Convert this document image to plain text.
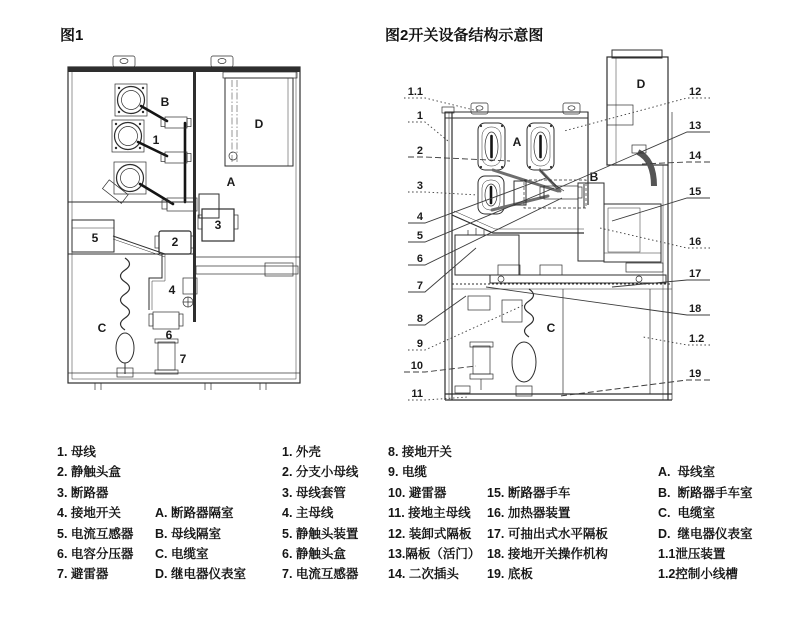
图1	图2开关设备结构示意图
B
1
D
A
5	2
3
4
C	6
7
A
B
C
D
1.1
1
2
3
4
5
6
7
8
9
10
11
12
13
14
15
16
17
18
1.2
19
1. 母线
2. 静触头盒
3. 断路器
4. 接地开关
5. 电流互感器
6. 电容分压器
7. 避雷器
A. 断路器隔室
B. 母线隔室
C. 电缆室
D. 继电器仪表室
1. 外壳
2. 分支小母线
3. 母线套管
4. 主母线
5. 静触头装置
6. 静触头盒
7. 电流互感器
8. 接地开关
9. 电缆
10. 避雷器
11. 接地主母线
12. 装卸式隔板
13.隔板（活门）
14. 二次插头
15. 断路器手车
16. 加热器装置
17. 可抽出式水平隔板
18. 接地开关操作机构
19. 底板
A.  母线室
B.  断路器手车室
C.  电缆室
D.  继电器仪表室
1.1泄压装置
1.2控制小线槽
